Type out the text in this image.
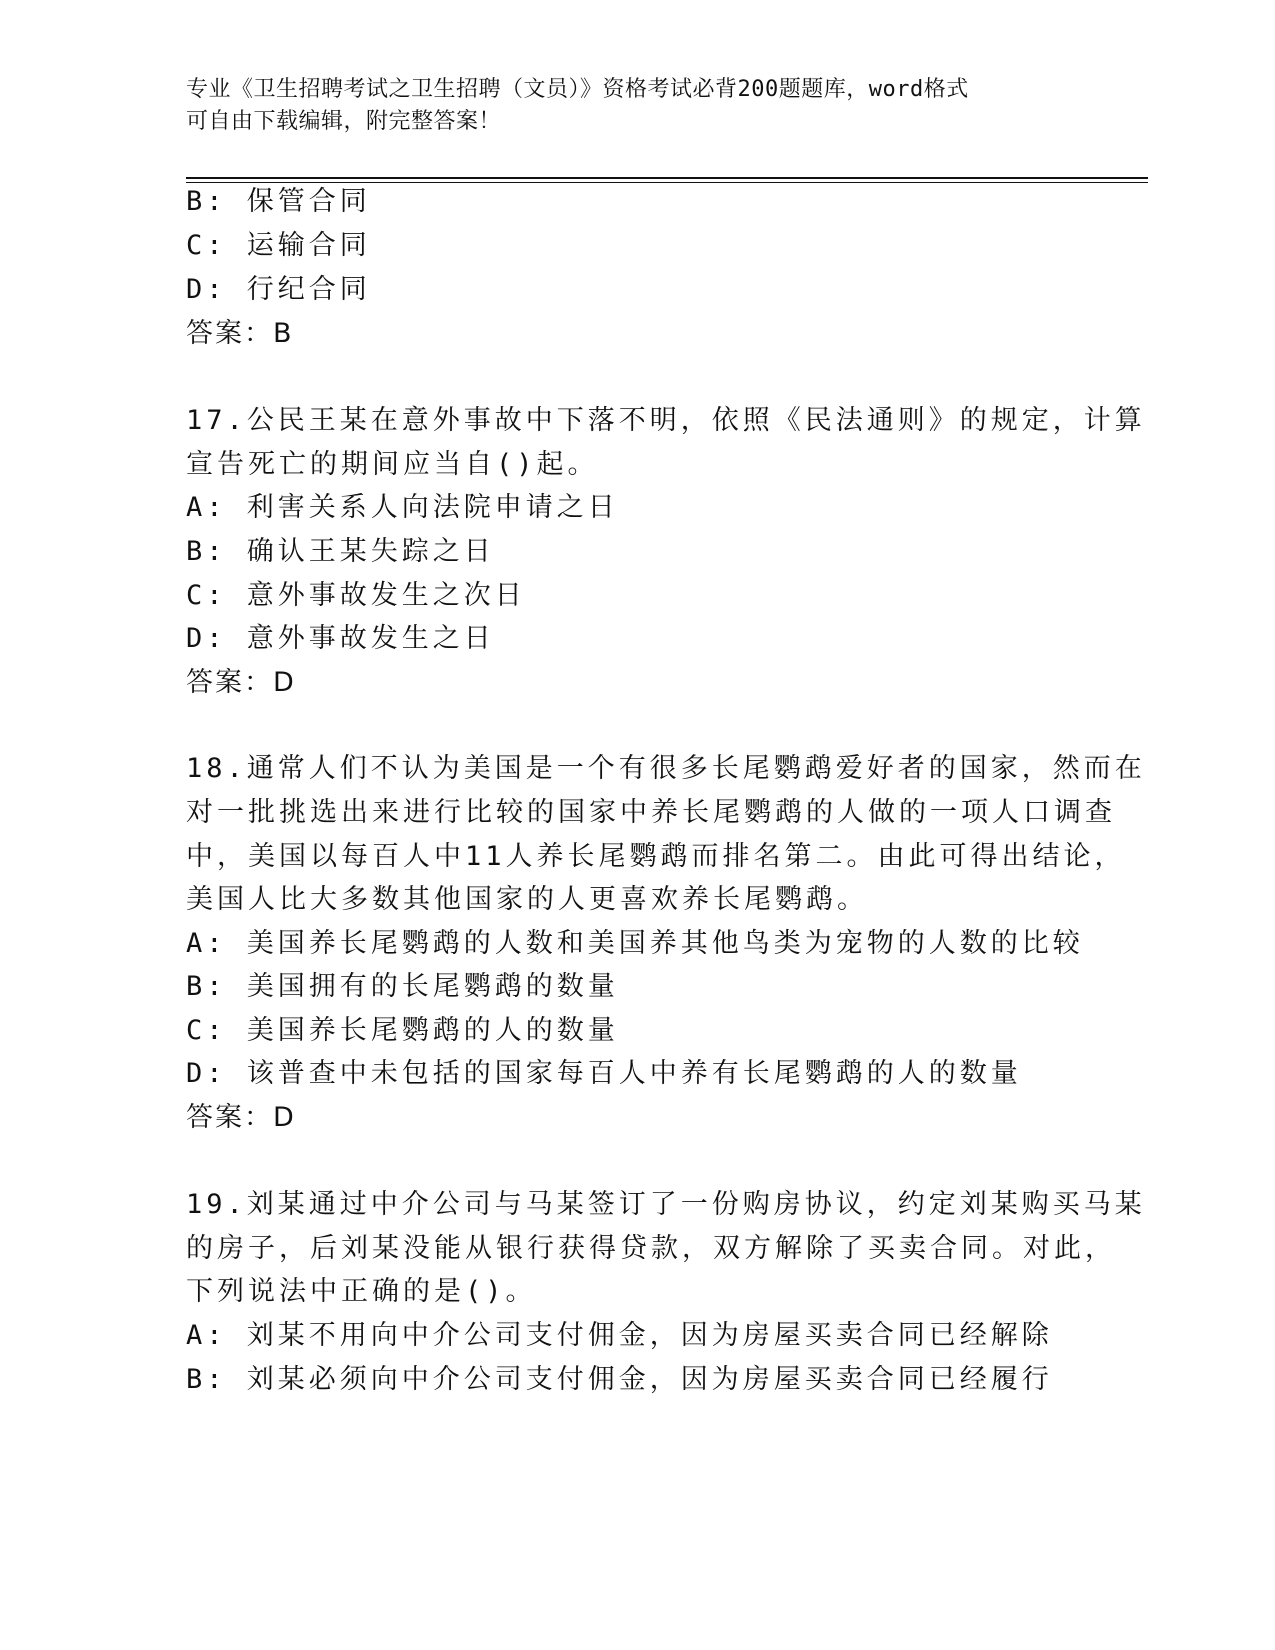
专业《卫生招聘考试之卫生招聘（文员）》资格考试必背200题题库，word格式
可自由下载编辑，附完整答案！
B: 保管合同
C: 运输合同
D: 行纪合同
答案：B
17.公民王某在意外事故中下落不明，依照《民法通则》的规定，计算
宣告死亡的期间应当自()起。
A: 利害关系人向法院申请之日
B: 确认王某失踪之日
C: 意外事故发生之次日
D: 意外事故发生之日
答案：D
18.通常人们不认为美国是一个有很多长尾鹦鹉爱好者的国家，然而在
对一批挑选出来进行比较的国家中养长尾鹦鹉的人做的一项人口调查
中，美国以每百人中11人养长尾鹦鹉而排名第二。由此可得出结论，
美国人比大多数其他国家的人更喜欢养长尾鹦鹉。
A: 美国养长尾鹦鹉的人数和美国养其他鸟类为宠物的人数的比较
B: 美国拥有的长尾鹦鹉的数量
C: 美国养长尾鹦鹉的人的数量
D: 该普查中未包括的国家每百人中养有长尾鹦鹉的人的数量
答案：D
19.刘某通过中介公司与马某签订了一份购房协议，约定刘某购买马某
的房子，后刘某没能从银行获得贷款，双方解除了买卖合同。对此，
下列说法中正确的是()。
A: 刘某不用向中介公司支付佣金，因为房屋买卖合同已经解除
B: 刘某必须向中介公司支付佣金，因为房屋买卖合同已经履行
